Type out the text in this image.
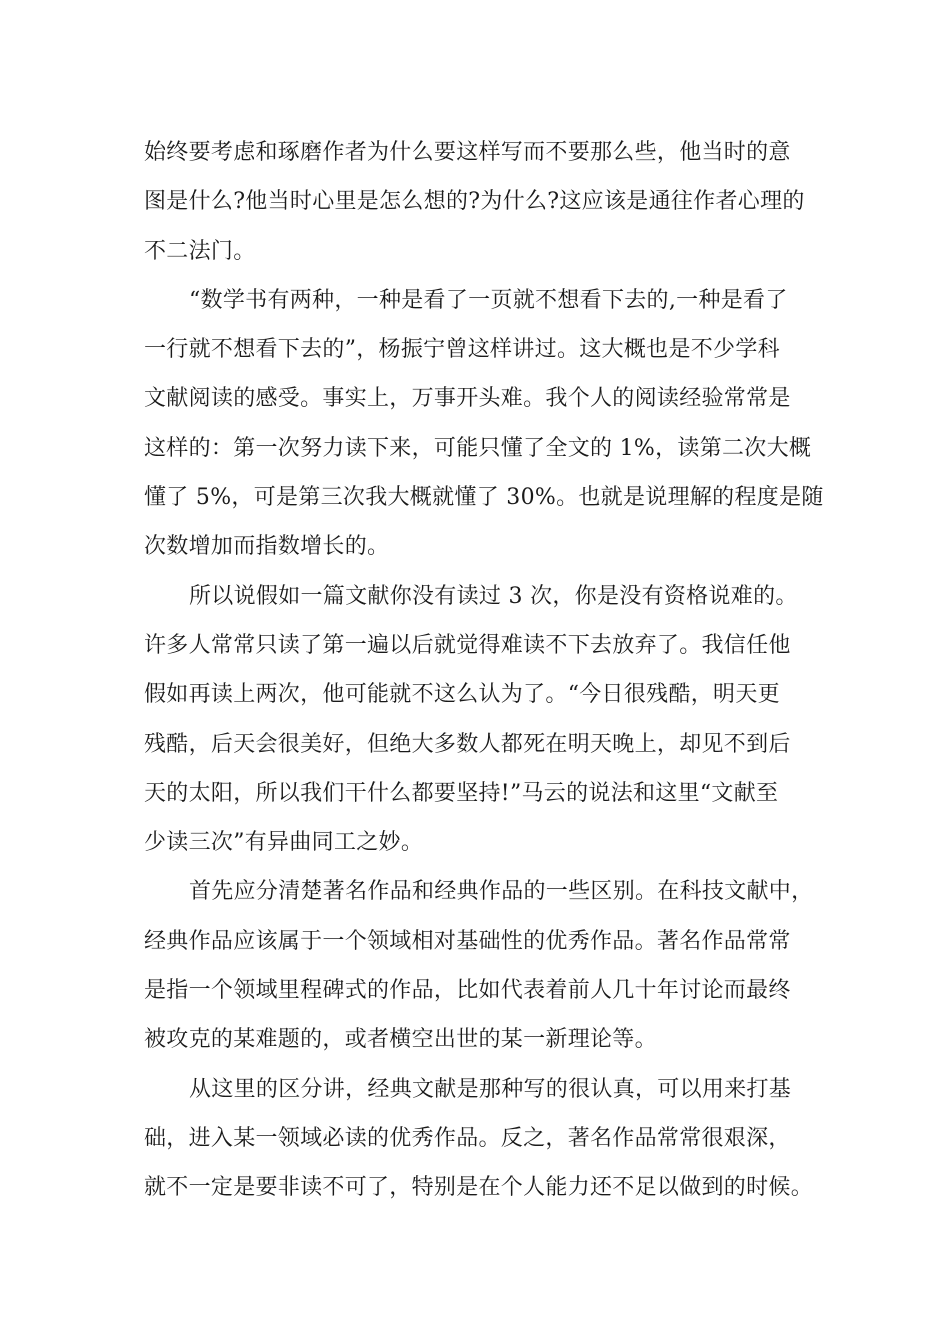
始终要考虑和琢磨作者为什么要这样写而不要那么些，他当时的意
图是什么?他当时心里是怎么想的?为什么?这应该是通往作者心理的
不二法门。
“数学书有两种，一种是看了一页就不想看下去的,一种是看了
一行就不想看下去的”，杨振宁曾这样讲过。这大概也是不少学科
文献阅读的感受。事实上，万事开头难。我个人的阅读经验常常是
这样的：第一次努力读下来，可能只懂了全文的 1%，读第二次大概
懂了 5%，可是第三次我大概就懂了 30%。也就是说理解的程度是随
次数增加而指数增长的。
所以说假如一篇文献你没有读过 3 次，你是没有资格说难的。
许多人常常只读了第一遍以后就觉得难读不下去放弃了。我信任他
假如再读上两次，他可能就不这么认为了。“今日很残酷，明天更
残酷，后天会很美好，但绝大多数人都死在明天晚上，却见不到后
天的太阳，所以我们干什么都要坚持!”马云的说法和这里“文献至
少读三次”有异曲同工之妙。
首先应分清楚著名作品和经典作品的一些区别。在科技文献中，
经典作品应该属于一个领域相对基础性的优秀作品。著名作品常常
是指一个领域里程碑式的作品，比如代表着前人几十年讨论而最终
被攻克的某难题的，或者横空出世的某一新理论等。
从这里的区分讲，经典文献是那种写的很认真，可以用来打基
础，进入某一领域必读的优秀作品。反之，著名作品常常很艰深，
就不一定是要非读不可了，特别是在个人能力还不足以做到的时候。
